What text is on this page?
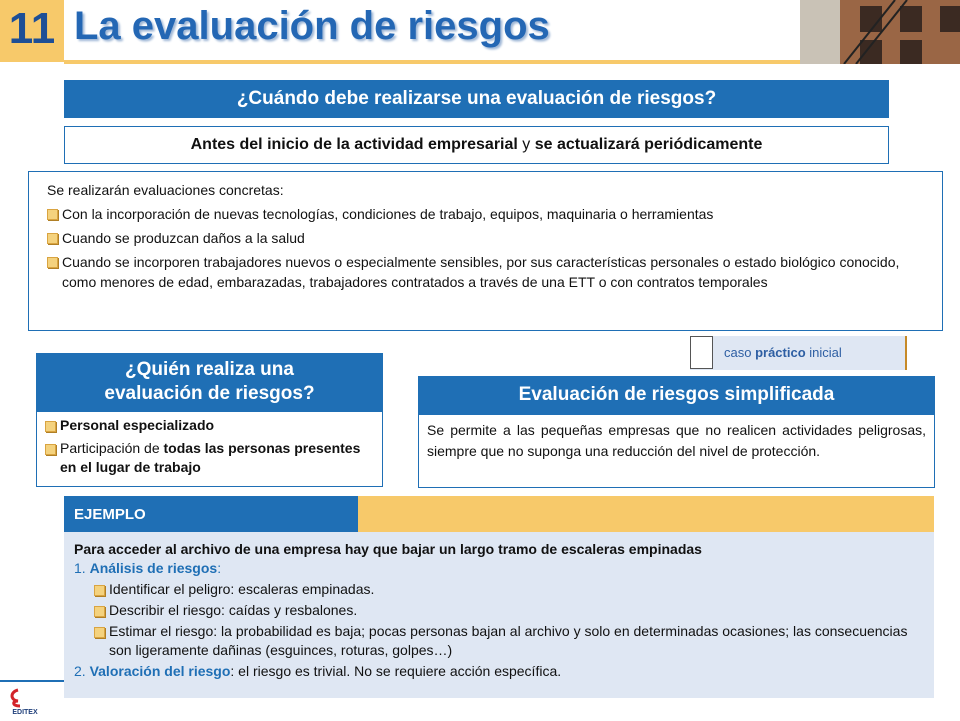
11 La evaluación de riesgos
¿Cuándo debe realizarse una evaluación de riesgos?
Antes del inicio de la actividad empresarial y se actualizará periódicamente
Se realizarán evaluaciones concretas:
Con la incorporación de nuevas tecnologías, condiciones de trabajo, equipos, maquinaria o herramientas
Cuando se produzcan daños a la salud
Cuando se incorporen trabajadores nuevos o especialmente sensibles, por sus características personales o estado biológico conocido, como menores de edad, embarazadas, trabajadores contratados a través de una ETT o con contratos temporales
¿Quién realiza una
evaluación de riesgos?
Personal especializado
Participación de todas las personas presentes en el lugar de trabajo
caso práctico inicial
Evaluación de riesgos simplificada
Se permite a las pequeñas empresas que no realicen actividades peligrosas, siempre que no suponga una reducción del nivel de protección.
EJEMPLO
Para acceder al archivo de una empresa hay que bajar un largo tramo de escaleras empinadas
1. Análisis de riesgos:
Identificar el peligro: escaleras empinadas.
Describir el riesgo: caídas y resbalones.
Estimar el riesgo: la probabilidad es baja; pocas personas bajan al archivo y solo en determinadas ocasiones; las consecuencias son ligeramente dañinas (esguinces, roturas, golpes…)
2. Valoración del riesgo: el riesgo es trivial. No se requiere acción específica.
EDITEX
